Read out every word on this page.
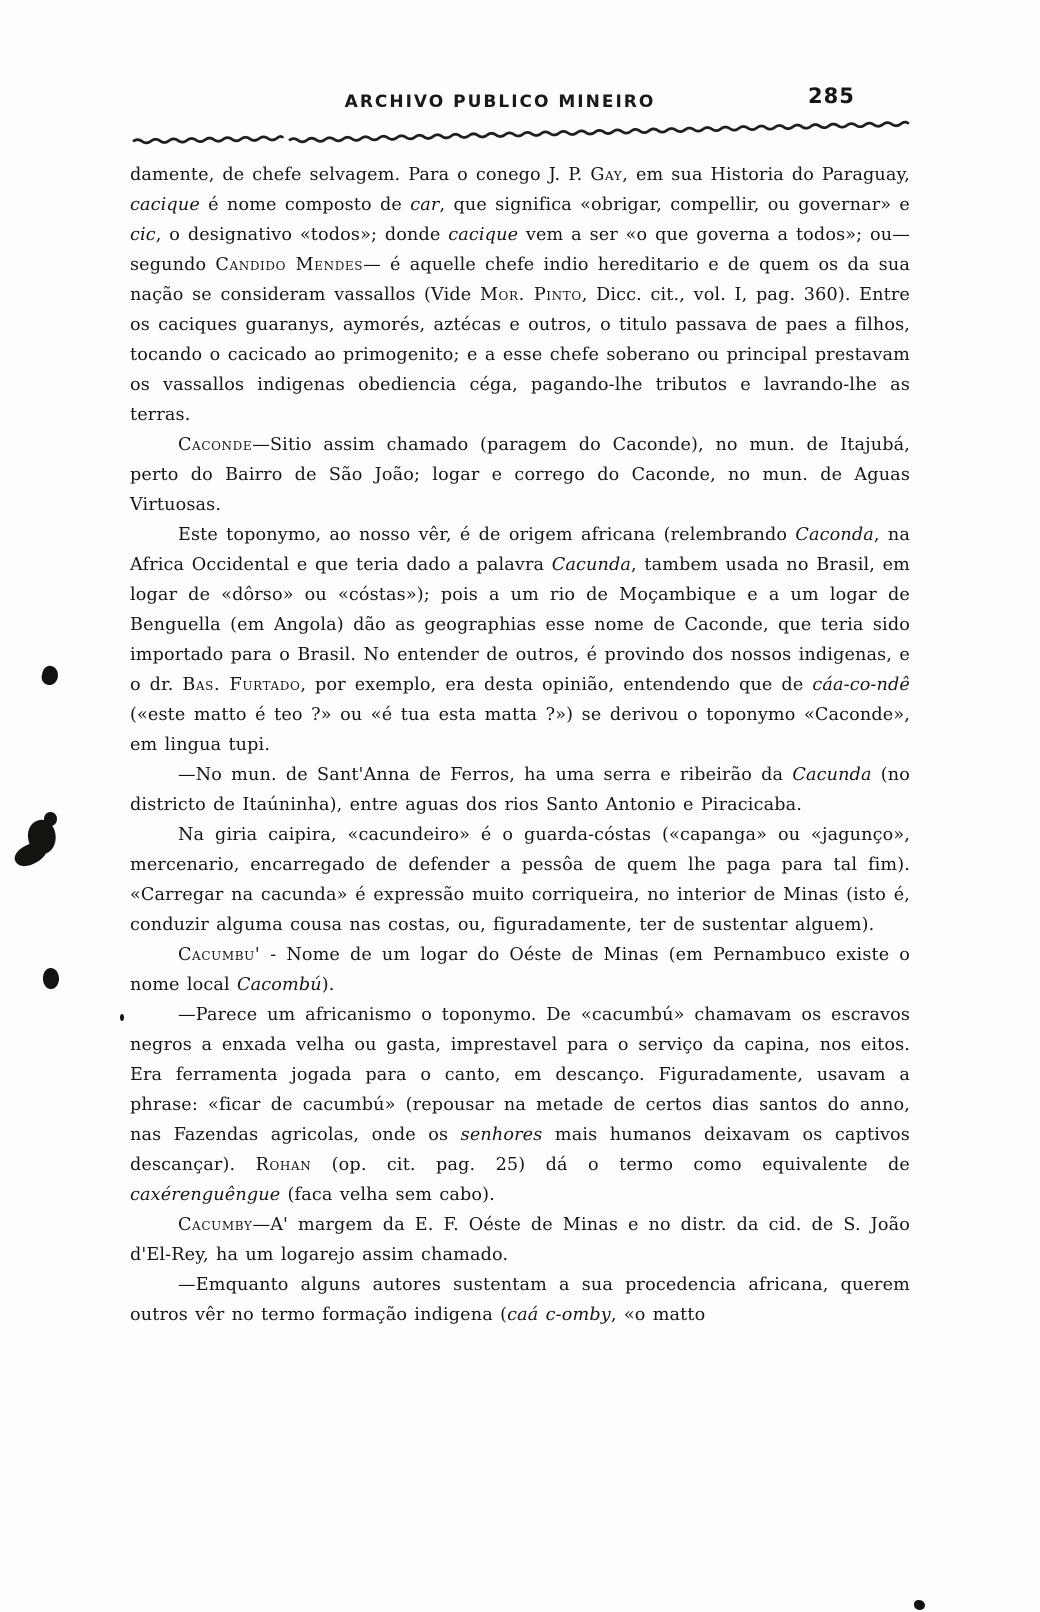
ARCHIVO PUBLICO MINEIRO	285

damente, de chefe selvagem. Para o conego J. P. Gay, em sua Historia do Paraguay, cacique é nome composto de car, que significa «obrigar, compellir, ou governar» e cic, o designativo «todos»; donde cacique vem a ser «o que governa a todos»; ou—segundo Candido Mendes— é aquelle chefe indio hereditario e de quem os da sua nação se consideram vassallos (Vide Mor. Pinto, Dicc. cit., vol. I, pag. 360). Entre os caciques guaranys, aymorés, aztécas e outros, o titulo passava de paes a filhos, tocando o cacicado ao primogenito; e a esse chefe soberano ou principal prestavam os vassallos indigenas obediencia céga, pagando-lhe tributos e lavrando-lhe as terras.

Caconde—Sitio assim chamado (paragem do Caconde), no mun. de Itajubá, perto do Bairro de São João; logar e corrego do Caconde, no mun. de Aguas Virtuosas.

Este toponymo, ao nosso vêr, é de origem africana (relembrando Caconda, na Africa Occidental e que teria dado a palavra Cacunda, tambem usada no Brasil, em logar de «dôrso» ou «cóstas»); pois a um rio de Moçambique e a um logar de Benguella (em Angola) dão as geographias esse nome de Caconde, que teria sido importado para o Brasil. No entender de outros, é provindo dos nossos indigenas, e o dr. Bas. Furtado, por exemplo, era desta opinião, entendendo que de cáa-co-ndê («este matto é teo ?» ou «é tua esta matta ?») se derivou o toponymo «Caconde», em lingua tupi.

—No mun. de Sant'Anna de Ferros, ha uma serra e ribeirão da Cacunda (no districto de Itaúninha), entre aguas dos rios Santo Antonio e Piracicaba.

Na giria caipira, «cacundeiro» é o guarda-cóstas («capanga» ou «jagunço», mercenario, encarregado de defender a pessôa de quem lhe paga para tal fim). «Carregar na cacunda» é expressão muito corriqueira, no interior de Minas (isto é, conduzir alguma cousa nas costas, ou, figuradamente, ter de sustentar alguem).

Cacumbu' - Nome de um logar do Oéste de Minas (em Pernambuco existe o nome local Cacombú).

—Parece um africanismo o toponymo. De «cacumbú» chamavam os escravos negros a enxada velha ou gasta, imprestavel para o serviço da capina, nos eitos. Era ferramenta jogada para o canto, em descanço. Figuradamente, usavam a phrase: «ficar de cacumbú» (repousar na metade de certos dias santos do anno, nas Fazendas agricolas, onde os senhores mais humanos deixavam os captivos descançar). Rohan (op. cit. pag. 25) dá o termo como equivalente de caxérenguêngue (faca velha sem cabo).

Cacumby—A' margem da E. F. Oéste de Minas e no distr. da cid. de S. João d'El-Rey, ha um logarejo assim chamado.

—Emquanto alguns autores sustentam a sua procedencia africana, querem outros vêr no termo formação indigena (caá c-omby, «o matto
